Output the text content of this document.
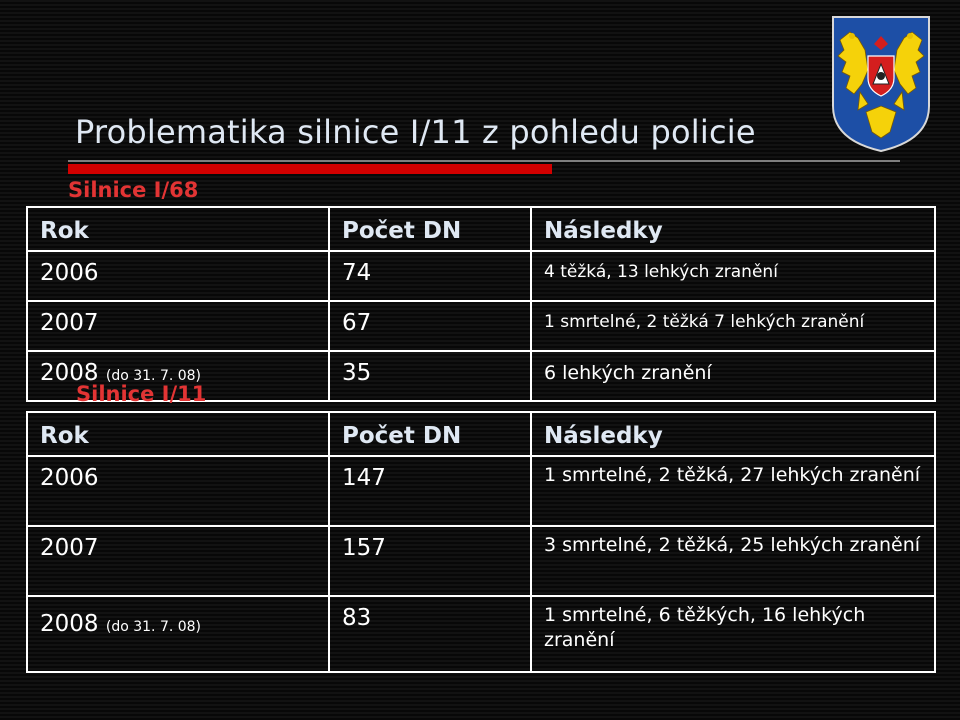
Problematika silnice I/11 z pohledu policie
Silnice I/68
Rok	Počet DN	Následky
2006	74	4 těžká, 13 lehkých zranění
2007	67	1 smrtelné, 2 těžká 7 lehkých zranění
2008 (do 31. 7. 08)	35	6 lehkých zranění
Silnice I/11
Rok	Počet DN	Následky
2006	147	1 smrtelné, 2 těžká, 27 lehkých zranění
2007	157	3 smrtelné, 2 těžká, 25 lehkých zranění
2008 (do 31. 7. 08)	83	1 smrtelné, 6 těžkých, 16 lehkých zranění
